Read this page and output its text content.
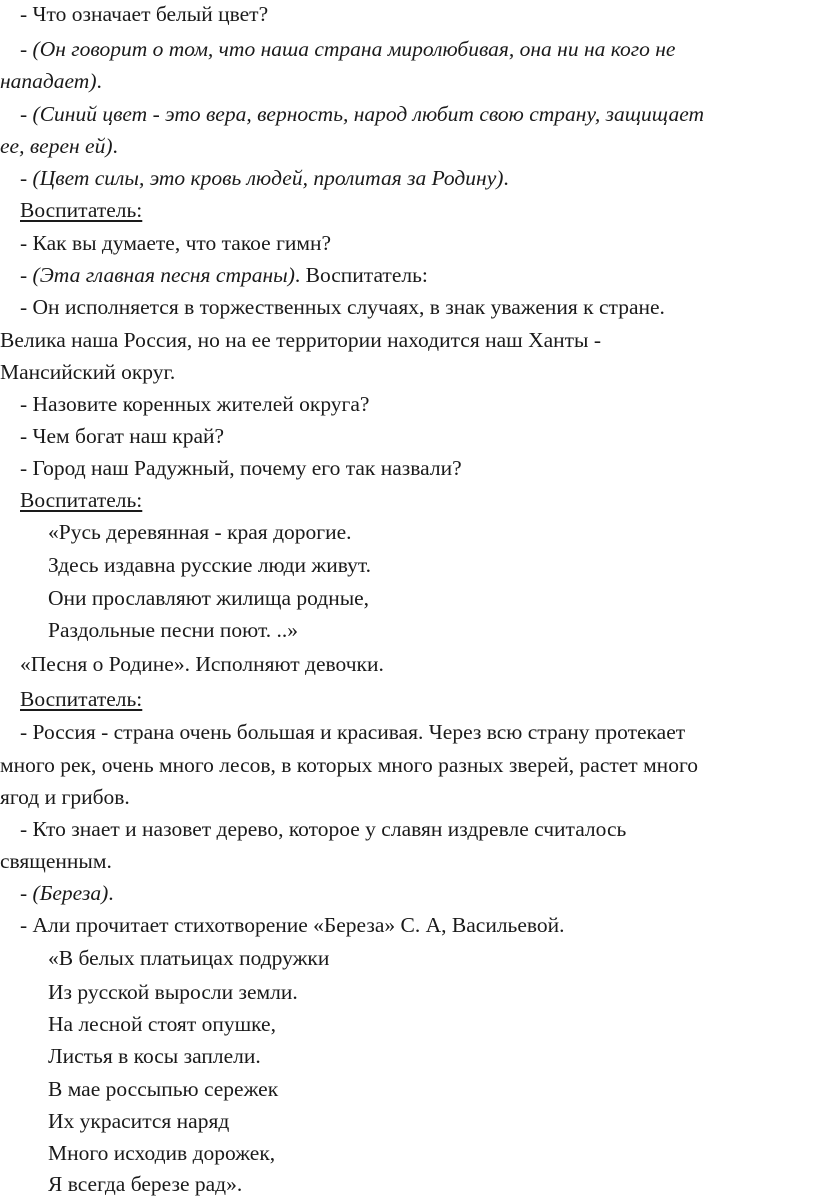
- Что означает белый цвет?
- (Он говорит о том, что наша страна миролюбивая, она ни на кого не
нападает).
- (Синий цвет - это вера, верность, народ любит свою страну, защищает
ее, верен ей).
- (Цвет силы, это кровь людей, пролитая за Родину).
Воспитатель:
- Как вы думаете, что такое гимн?
- (Эта главная песня страны). Воспитатель:
- Он исполняется в торжественных случаях, в знак уважения к стране.
Велика наша Россия, но на ее территории находится наш Ханты -
Мансийский округ.
- Назовите коренных жителей округа?
- Чем богат наш край?
- Город наш Радужный, почему его так назвали?
Воспитатель:
«Русь деревянная - края дорогие.
Здесь издавна русские люди живут.
Они прославляют жилища родные,
Раздольные песни поют. ..»
«Песня о Родине». Исполняют девочки.
Воспитатель:
- Россия - страна очень большая и красивая. Через всю страну протекает
много рек, очень много лесов, в которых много разных зверей, растет много
ягод и грибов.
- Кто знает и назовет дерево, которое у славян издревле считалось
священным.
- (Береза).
- Али прочитает стихотворение «Береза» С. А, Васильевой.
«В белых платьицах подружки
Из русской выросли земли.
На лесной стоят опушке,
Листья в косы заплели.
В мае россыпью сережек
Их украсится наряд
Много исходив дорожек,
Я всегда березе рад».
